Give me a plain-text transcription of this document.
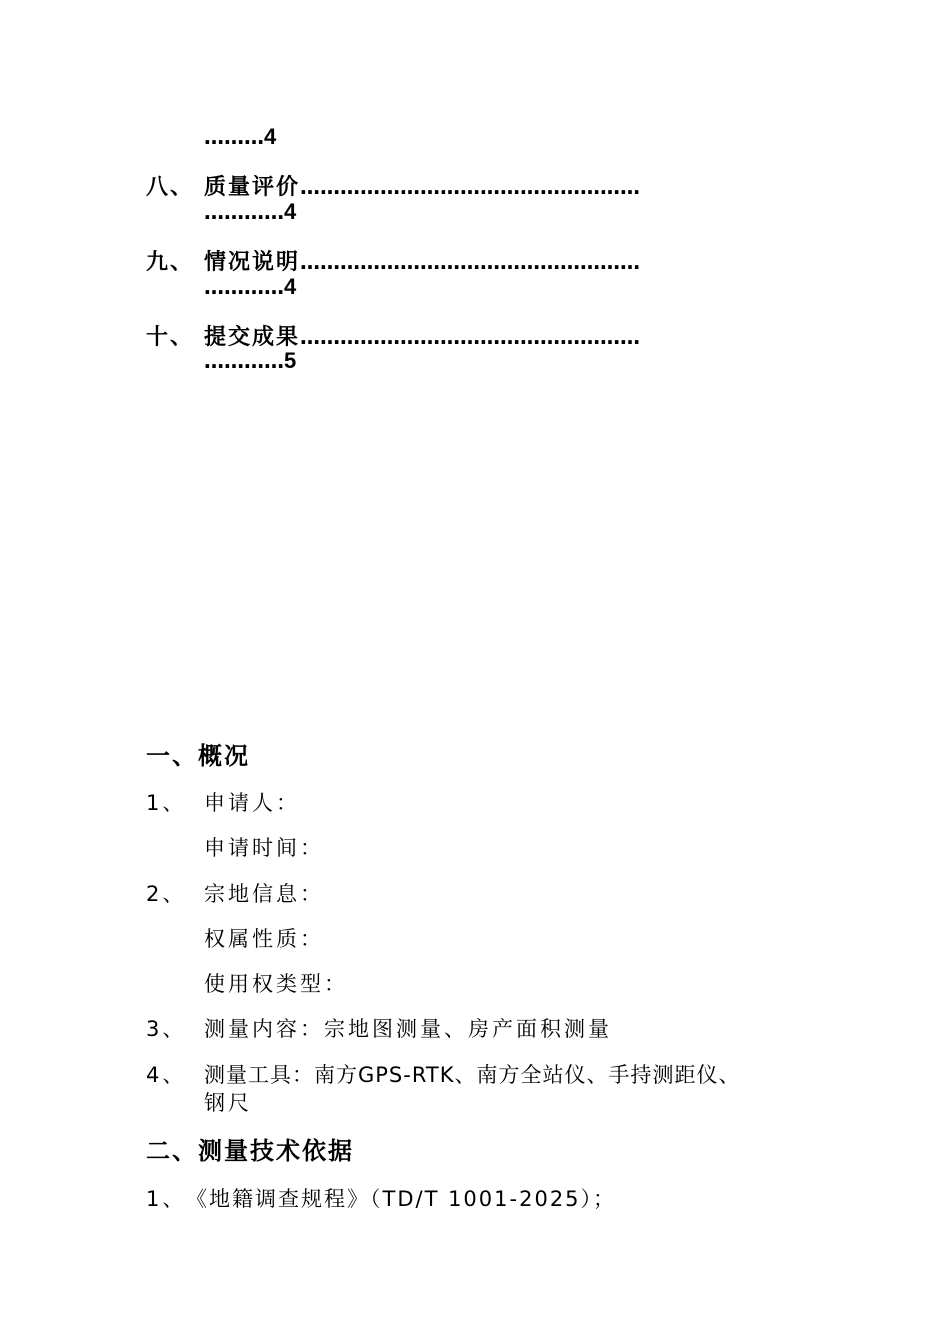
………4
八、 质量评价……………………………………………
…………4
九、 情况说明……………………………………………
…………4
十、 提交成果……………………………………………
…………5
一、概况
1、 申请人：
申请时间：
2、 宗地信息：
权属性质：
使用权类型：
3、 测量内容：宗地图测量、房产面积测量
4、 测量工具：南方GPS-RTK、南方全站仪、手持测距仪、
钢尺
二、测量技术依据
1、 《地籍调查规程》（TD/T 1001-2025）；
